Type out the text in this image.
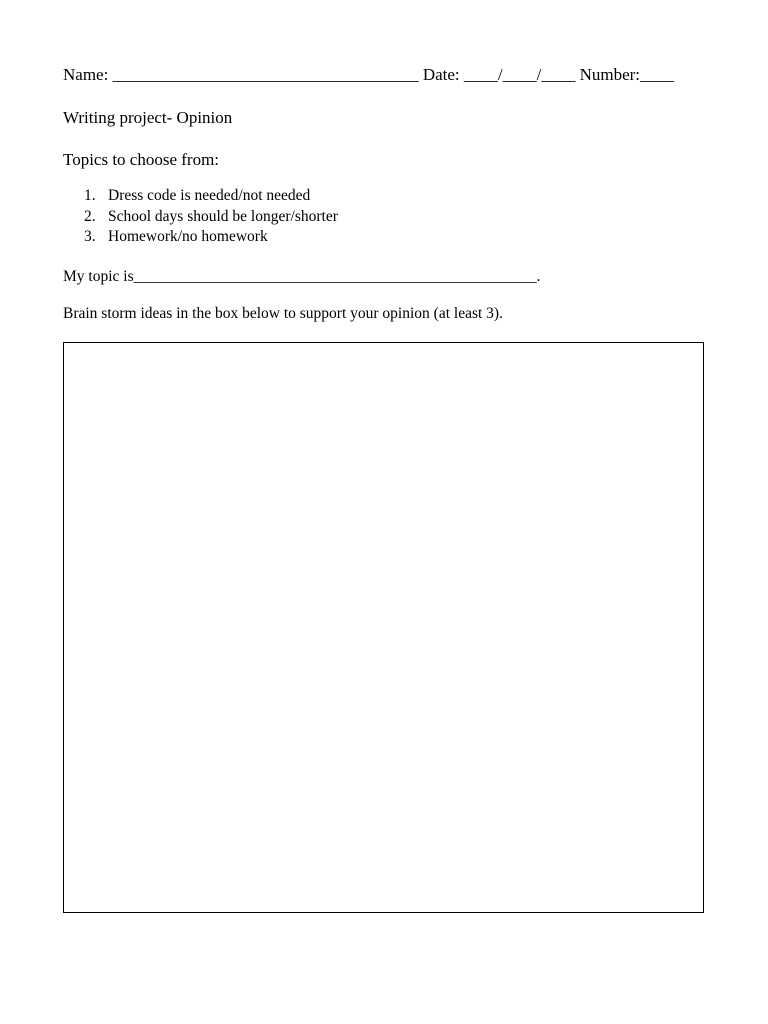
Name: ____________________________________ Date: ____/____/____ Number:____
Writing project- Opinion
Topics to choose from:
1. Dress code is needed/not needed
2. School days should be longer/shorter
3. Homework/no homework
My topic is____________________________________________________.
Brain storm ideas in the box below to support your opinion (at least 3).
